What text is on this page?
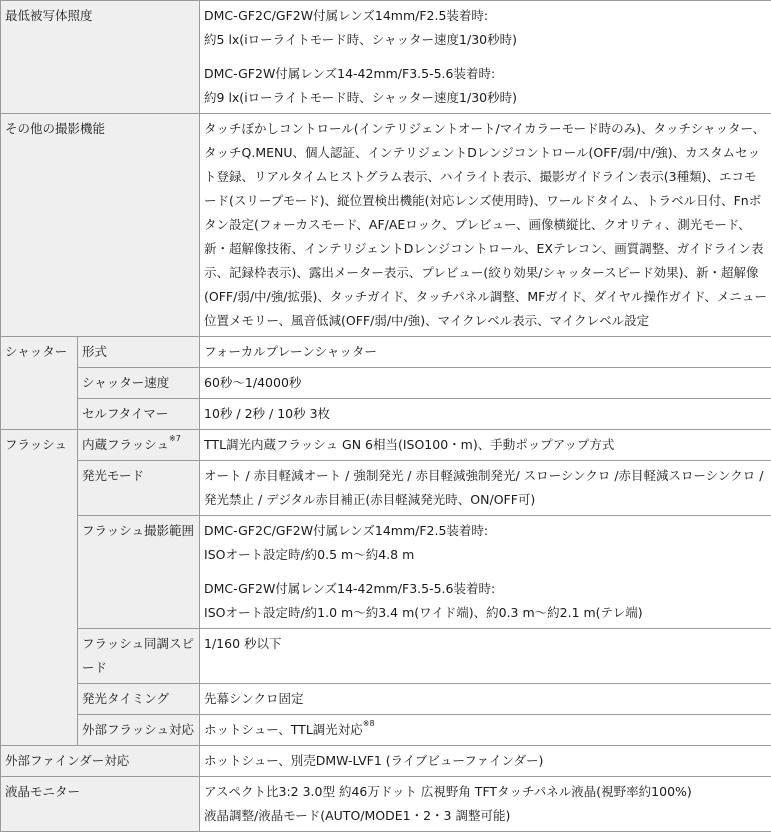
最低被写体照度		DMC-GF2C/GF2W付属レンズ14mm/F2.5装着時:
約5 lx(iローライトモード時、シャッター速度1/30秒時)
DMC-GF2W付属レンズ14-42mm/F3.5-5.6装着時:
約9 lx(iローライトモード時、シャッター速度1/30秒時)

その他の撮影機能		タッチぼかしコントロール(インテリジェントオート/マイカラーモード時のみ)、タッチシャッター、タッチQ.MENU、個人認証、インテリジェントDレンジコントロール(OFF/弱/中/強)、カスタムセット登録、リアルタイムヒストグラム表示、ハイライト表示、撮影ガイドライン表示(3種類)、エコモード(スリープモード)、縦位置検出機能(対応レンズ使用時)、ワールドタイム、トラベル日付、Fnボタン設定(フォーカスモード、AF/AEロック、プレビュー、画像横縦比、クオリティ、測光モード、新・超解像技術、インテリジェントDレンジコントロール、EXテレコン、画質調整、ガイドライン表示、記録枠表示)、露出メーター表示、プレビュー(絞り効果/シャッタースピード効果)、新・超解像(OFF/弱/中/強/拡張)、タッチガイド、タッチパネル調整、MFガイド、ダイヤル操作ガイド、メニュー位置メモリー、風音低減(OFF/弱/中/強)、マイクレベル表示、マイクレベル設定
シャッター	形式	フォーカルプレーンシャッター
	シャッター速度	60秒～1/4000秒
	セルフタイマー	10秒 / 2秒 / 10秒 3枚
フラッシュ	内蔵フラッシュ$^{※7}$	TTL調光内蔵フラッシュ GN 6相当(ISO100・m)、手動ポップアップ方式
	発光モード	オート / 赤目軽減オート / 強制発光 / 赤目軽減強制発光/ スローシンクロ /赤目軽減スローシンクロ / 発光禁止 / デジタル赤目補正(赤目軽減発光時、ON/OFF可)
	フラッシュ撮影範囲	DMC-GF2C/GF2W付属レンズ14mm/F2.5装着時:
ISOオート設定時/約0.5 m～約4.8 m
DMC-GF2W付属レンズ14-42mm/F3.5-5.6装着時:
ISOオート設定時/約1.0 m～約3.4 m(ワイド端)、約0.3 m～約2.1 m(テレ端)

	フラッシュ同調スピード	1/160 秒以下
	発光タイミング	先幕シンクロ固定
	外部フラッシュ対応	ホットシュー、TTL調光対応$^{※8}$
外部ファインダー対応		ホットシュー、別売DMW-LVF1 (ライブビューファインダー)
液晶モニター		アスペクト比3:2 3.0型 約46万ドット 広視野角 TFTタッチパネル液晶(視野率約100%)
液晶調整/液晶モード(AUTO/MODE1・2・3 調整可能)
